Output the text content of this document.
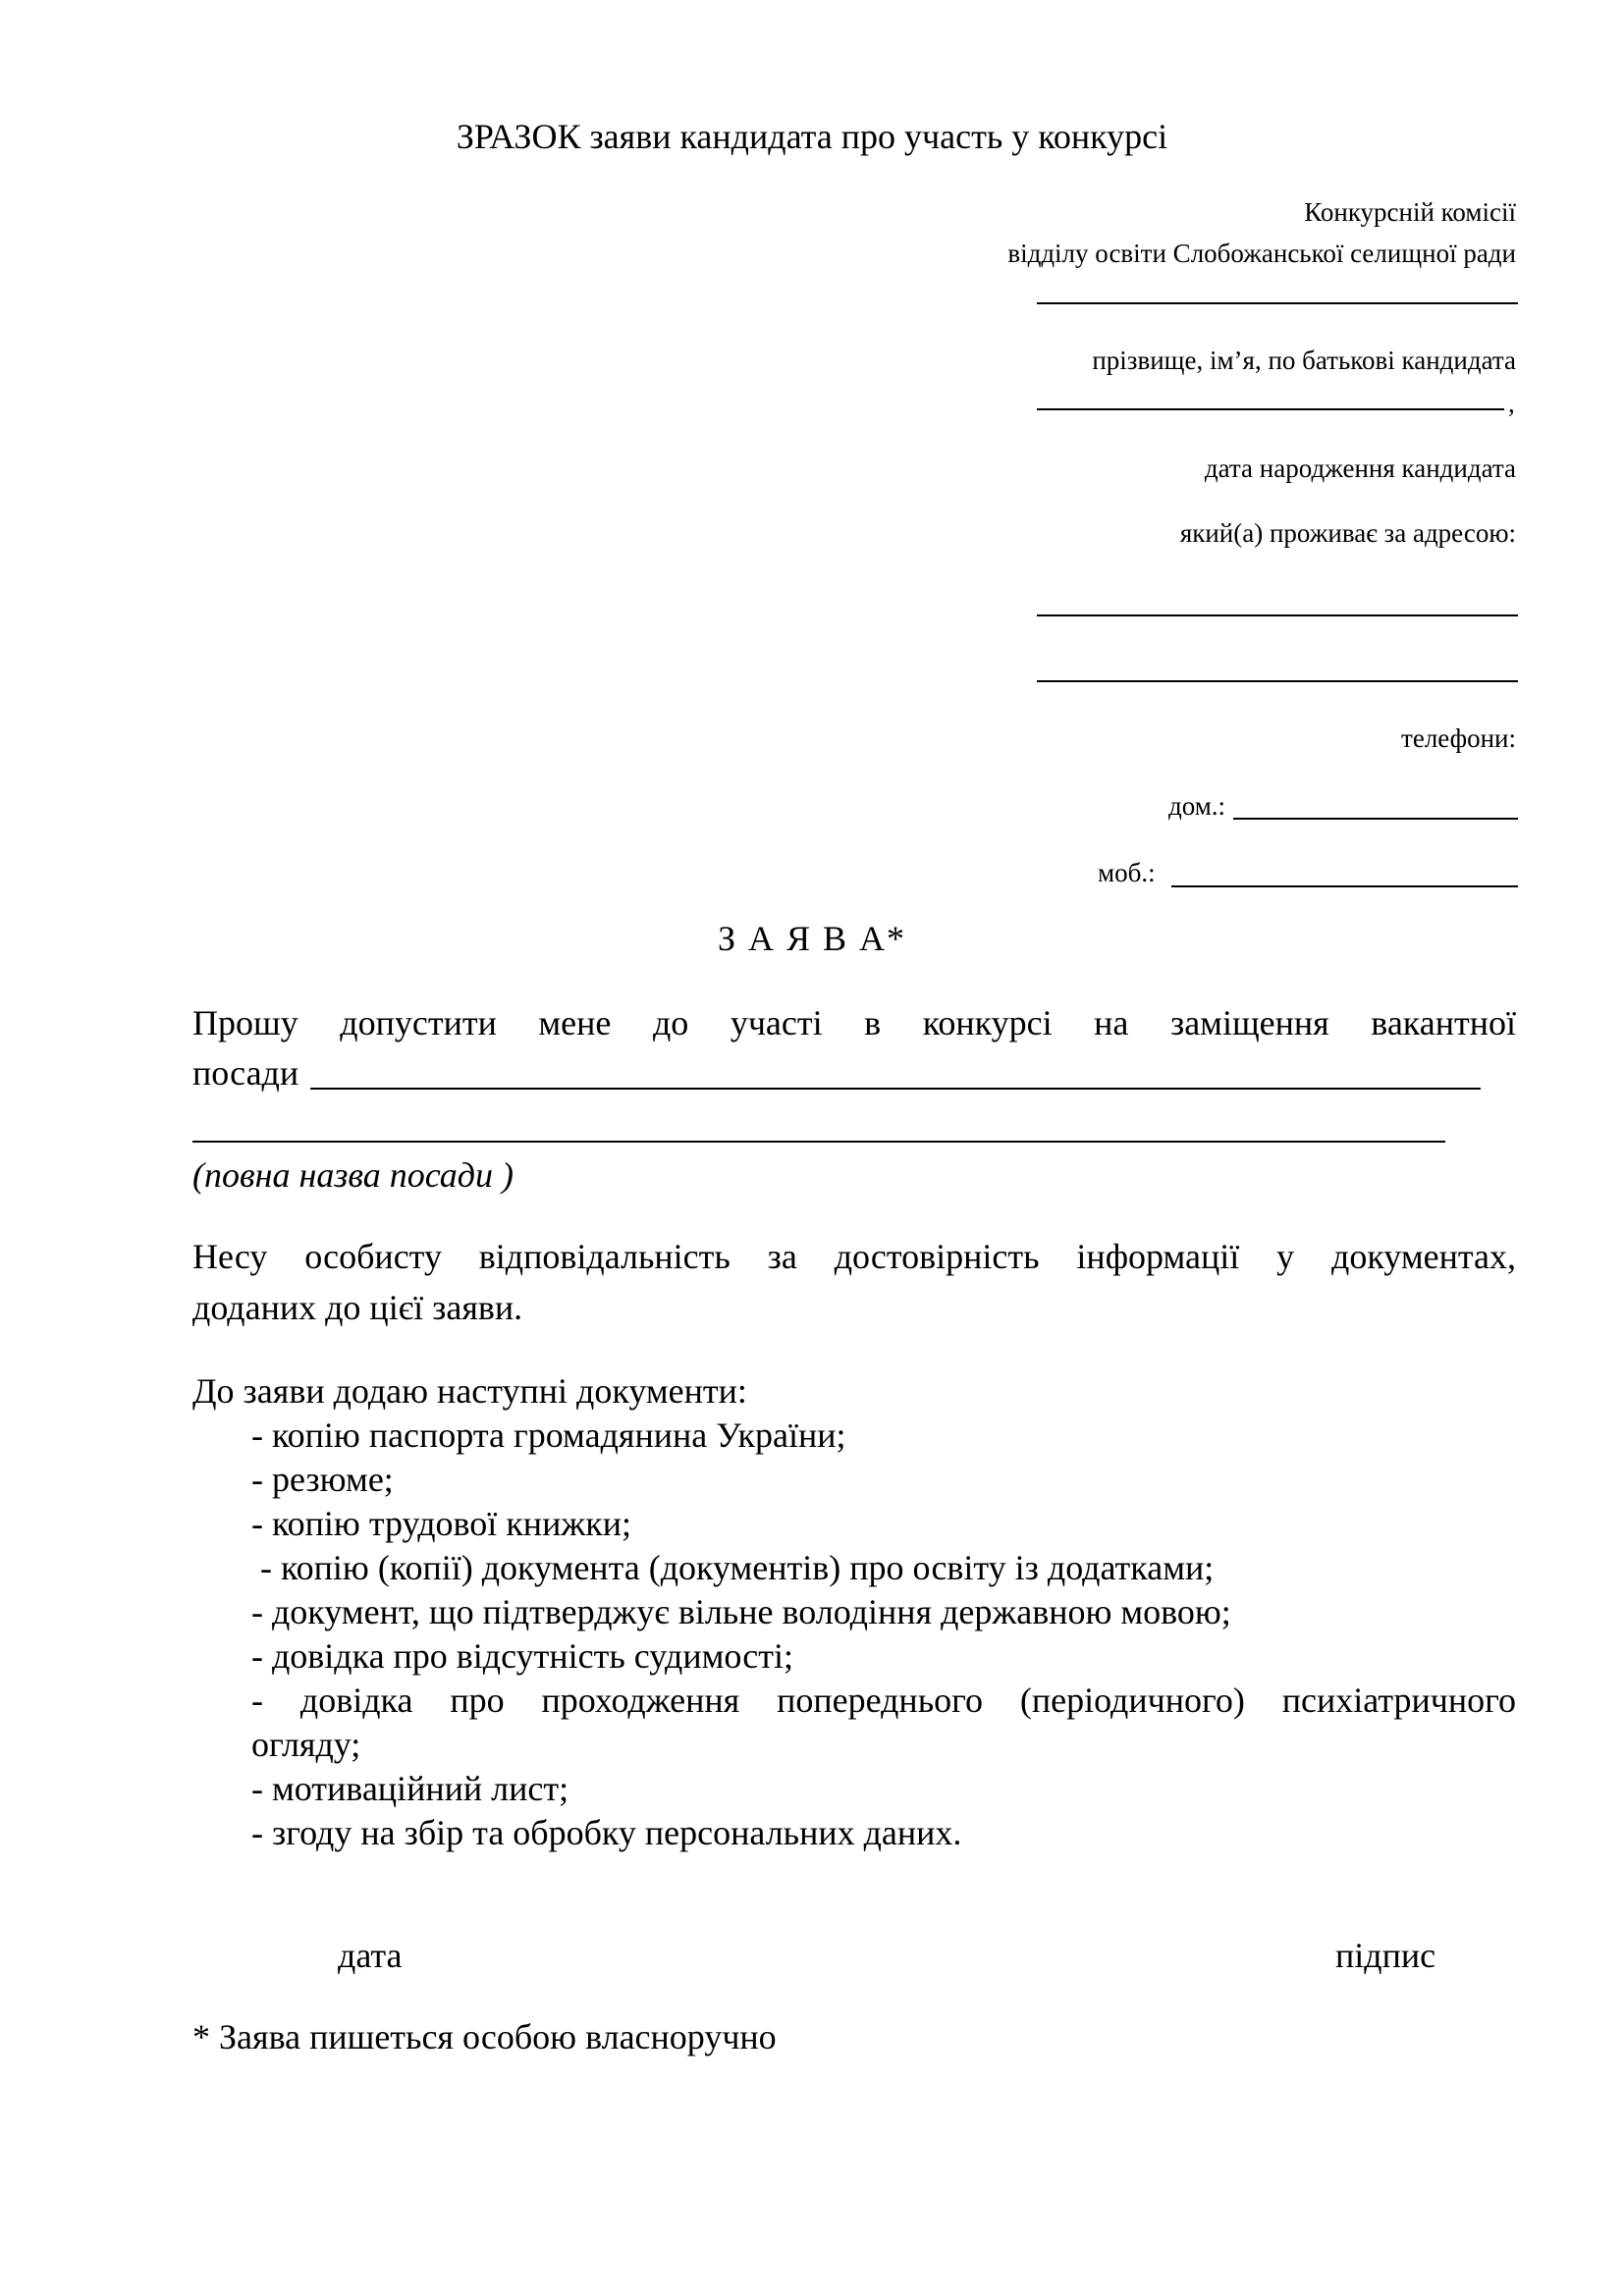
ЗРАЗОК заяви кандидата про участь у конкурсі
Конкурсній комісії
відділу освіти Слобожанської селищної ради
прізвище, ім’я, по батькові кандидата
,
дата народження кандидата
який(а) проживає за адресою:
телефони:
дом.:
моб.:
З А Я В А*
Прошу допустити мене до участі в конкурсі на заміщення вакантної
посади
(повна назва посади )
Несу особисту відповідальність за достовірність інформації у документах,
доданих до цієї заяви.
До заяви додаю наступні документи:
- копію паспорта громадянина України;
- резюме;
- копію трудової книжки;
- копію (копії) документа (документів) про освіту із додатками;
- документ, що підтверджує вільне володіння державною мовою;
- довідка про відсутність судимості;
- довідка про проходження попереднього (періодичного) психіатричного
огляду;
- мотиваційний лист;
- згоду на збір та обробку персональних даних.
дата	підпис
* Заява пишеться особою власноручно
